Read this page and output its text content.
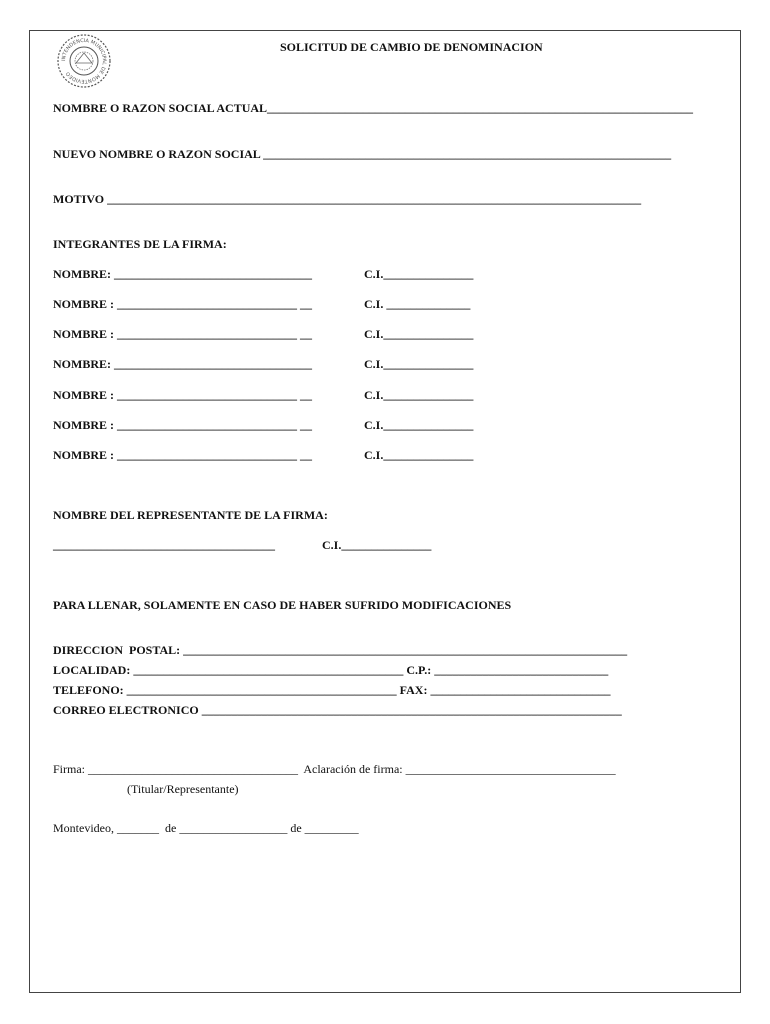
INTENDENCIA MUNICIPAL DE MONTEVIDEO
SOLICITUD DE CAMBIO DE DENOMINACION
NOMBRE O RAZON SOCIAL ACTUAL_______________________________________________________________________
NUEVO NOMBRE O RAZON SOCIAL ____________________________________________________________________
MOTIVO _________________________________________________________________________________________
INTEGRANTES DE LA FIRMA:
NOMBRE: _________________________________	C.I._______________
NOMBRE : ______________________________ __	C.I. ______________
NOMBRE : ______________________________ __	C.I._______________
NOMBRE: _________________________________	C.I._______________
NOMBRE : ______________________________ __	C.I._______________
NOMBRE : ______________________________ __	C.I._______________
NOMBRE : ______________________________ __	C.I._______________
NOMBRE DEL REPRESENTANTE DE LA FIRMA:
_____________________________________	C.I._______________
PARA LLENAR, SOLAMENTE EN CASO DE HABER SUFRIDO MODIFICACIONES
DIRECCION  POSTAL: __________________________________________________________________________
LOCALIDAD: _____________________________________________ C.P.: _____________________________
TELEFONO: _____________________________________________ FAX: ______________________________
CORREO ELECTRONICO ______________________________________________________________________
Firma: ___________________________________  Aclaración de firma: ___________________________________
(Titular/Representante)
Montevideo, _______  de __________________ de _________
